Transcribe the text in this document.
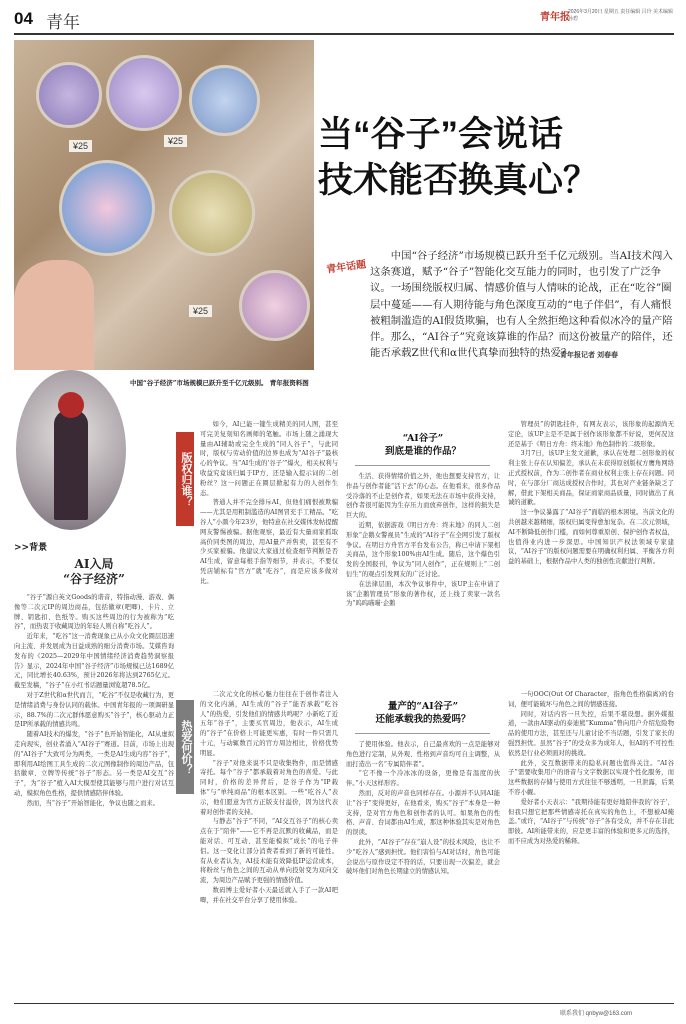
04 青年	青年报
2026年3月20日 星期五 责任编辑 吕玲 美术编辑 孙碧
¥25	¥25
¥25
当“谷子”会说话
技术能否换真心？
青年话题

中国“谷子经济”市场规模已跃升至千亿元级别。当AI技术闯入这条赛道，赋予“谷子”智能化交互能力的同时，也引发了广泛争议。一场围绕版权归属、情感价值与人情味的论战，正在“吃谷”圈层中蔓延——有人期待能与角色深度互动的“电子伴侣”，有人痛恨被粗制滥造的AI假货欺骗，也有人全然拒绝这种看似冰冷的量产陪伴。那么，“AI谷子”究竟该算谁的作品？而这份被量产的陪伴，还能否承载Z世代和α世代真挚而独特的热爱？

青年报记者 刘春春
中国“谷子经济”市场规模已跃升至千亿元级别。 青年报资料图
>>背景
AI入局
“谷子经济”

“谷子”源自英文Goods的谐音，特指动漫、游戏、偶像等二次元IP的周边商品，包括徽章(吧唧)、卡片、立牌、钥匙扣、色纸等。购买这些周边的行为被称为“吃谷”，而热衷于收藏周边的年轻人则自称“吃谷人”。

近年来，“吃谷”这一消费现象已从小众文化圈层迅速向主流、并发展成为日益成熟的细分消费市场。艾媒咨询发布的《2025—2029年中国情绪经济消费趋势洞察报告》显示，2024年中国“谷子经济”市场规模已达1689亿元，同比增长40.63%，预计2026年将达到2765亿元。截至发稿，“谷子”在小红书话题量浏览超78.5亿。

对于Z世代和α世代而言，“吃谷”不仅是收藏行为，更是情绪消费与身份认同的载体。中国青年报的一项调研显示，88.7%的二次元群体愿意购买“谷子”，核心驱动力正是IP所承载的情感共鸣。

随着AI技术的爆发，“谷子”也开始智能化，AI从虚拟走向现实，创业者涌入“AI谷子”赛道。目前，市场上出现的“AI谷子”大致可分为两类，一类是AI生成内容“谷子”，即利用AI绘图工具生成的二次元图像制作的周边产品，包括徽章、立牌等传统“谷子”形态。另一类是AI交互“谷子”，为“谷子”植入AI大模型使其能够与用户进行对话互动，模拟角色性格，提供情感陪伴体验。

然而，当“谷子”开始智能化，争议也随之而来。

版权归谁？

如今，AI已能一键生成精美的同人图，甚至可完美复刻知名画师的笔触。市场上随之涌现大量由AI辅助或完全生成的“同人谷子”，与此同时，版权与劳动价值的边界也成为“AI谷子”最核心的争议。当“AI生成的‘谷子’”爆火，相关权利与收益究竟该归属于IP方、还是输入提示词的二创粉丝？这一问题正在圈层掀起有力的人创作生态。

普通人并不完全排斥AI，但他们痛恨被欺骗——尤其是用粗制滥造的AI图冒充手工精品。“吃谷人”小颜今年23岁，他特意在社交媒体发帖提醒网友警惕被骗。据他观察，最近有大量商家抓取高价同类图的周边，用AI量产并售卖，甚至有不少买家被骗。他建议大家通过检查细节判断是否AI生成，留意每根手指等细节，并表示，不要仅凭店铺标有“官方”就“吃谷”，而是应该多做对比。

“AI谷子”
到底是谁的作品？

生活、获得情绪价值之外，他也想要支持官方，让作品与创作者能“活下去”的心态。在他看来，很多作品受冷落的不止是创作者，如果无法在市场中获得支持，创作者很可能因为生存压力而放弃创作，这样的损失是巨大的。

近期，依据游戏《明日方舟：终末地》的同人二创形象“企鹅女警视员”生成的“AI谷子”在全网引发了版权争议。在明日方舟官方平台发布公告，称已申请下架相关商品，这个形象100%由AI生成。随后，这个爆色引发的全国报刊，争议为“同人创作”，正在规则上“二创衍生”的观点引发网友的广泛讨论。

在法律层面，本次争议事件中，该UP主在申请了该“企鹅管理员”形象的著作权，还上线了卖家一款名为“呜呜喵喵·企鹅

管理员”的钥匙挂件，有网友表示，该形象的起源尚无定论，该UP主是不是属于创作该形象都不好说，更何况这还是基于《明日方舟：终末地》角色制作的二级形象。

3月7日，该UP主发文道歉，承认在处理二创形象的权利主张上存在认知偏差，承认在未获得原创版权方鹰角网络正式授权前，作为二创作者在商业权利主张上存在问题。同时，在与部分厂商达成授权合作时，其也对产业链条缺乏了解，借此下架相关商品，保证商家商品质量，同时做出了真诚的道歉。

这一争议暴露了“AI谷子”面临的根本困境。当前文化的共创越来越精细，版权归属变得愈加复杂。在二次元领域，AI不断降低创作门槛，而如何尊重原创、保护创作者权益，也值得业内进一步深思。中国知识产权法领域专家建议，“AI谷子”的版权问题需要在明确权利归属、平衡各方利益的基础上，根据作品中人类的独创性贡献进行判断。

热爱何价？

二次元文化的核心魅力往往在于创作者注入的文化内涵，AI生成的“谷子”能否承载“吃谷人”的热爱，引发他们的情感共鸣呢？小新吃了近五年“谷子”，主要买官周边，他表示，AI生成的“谷子”在价格上可能更实惠，有时一件只需几十元，与动辄数百元的官方周边相比，价格优势明显。

“谷子”对他来说不只是收集物件，而是情感寄托。每个“谷子”都承载着对角色的喜爱。与此同时，价格的差异背后，是谷子作为“IP载体”与“单纯商品”的根本区别。一些“吃谷人”表示，他们愿意为官方正版支付溢价，因为这代表着对创作者的支持。

与静态“谷子”不同，“AI交互谷子”的核心卖点在于“陪伴”——它不再是沉默的收藏品，而是能对话、可互动、甚至能模拟“成长”的电子伴侣。这一变化让部分消费者看到了新的可能性。有从业者认为，AI技术能有效降低IP运营成本，将粉丝与角色之间的互动从单向投射变为双向交流，为周边产品赋予更强的情感价值。

数码博主爱好者小天最近就入手了一款AI吧唧，并在社交平台分享了使用体验。

量产的“AI谷子”
还能承载我的热爱吗？

了使用体验。他表示，自己最喜欢的一点是能够对角色进行定制，从外观、性格到声音均可自主调整，从而打造出一名“专属陪伴者”。

“它不像一个冷冰冰的设备，更像是有温度的伙伴。”小天这样形容。

然而，反对的声音也同样存在。小源并不认同AI能让“谷子”变得更好，在他看来，购买“谷子”本身是一种支持，是对官方角色和创作者的认可。如果角色的性格、声音、台词都由AI生成，那这种体验其实是对角色的误读。

此外，“AI谷子”存在“崩人设”的技术风险，也让不少“吃谷人”感到担忧。他们害怕与AI对话时，角色可能会说出与原作设定不符的话，只要出现一次偏差，就会破坏他们对角色长期建立的情感认知。

一句OOC(Out Of Character，指角色性格偏离)的台词，便可能破坏与角色之间的情感连接。

同时，对话内容一旦失控，后果不堪设想。据外媒报道，一款由AI驱动的泰迪熊“Kumma”曾向用户介绍危险物品的使用方法，甚至还与儿童讨论不当话题，引发了家长的强烈担忧。虽然“谷子”的受众多为成年人，但AI的不可控性依然是行业必须面对的挑战。

此外，交互数据带来的隐私问题也值得关注。“AI谷子”需要收集用户的语音与文字数据以实现个性化服务，而这些数据的存储与使用方式往往不够透明，一旦泄露，后果不容小觑。

爱好者小天表示：“我期待能有更好地陪伴我的‘谷子’，但我只想它把那些情感寄托在真实的角色上，不想被AI掩盖。”或许，“AI谷子”与传统“谷子”各有受众，并不存在非此即彼。AI所能带来的，应是更丰富的体验和更多元的选择，而不应成为对热爱的稀释。

联系我们 qnbyw@163.com
